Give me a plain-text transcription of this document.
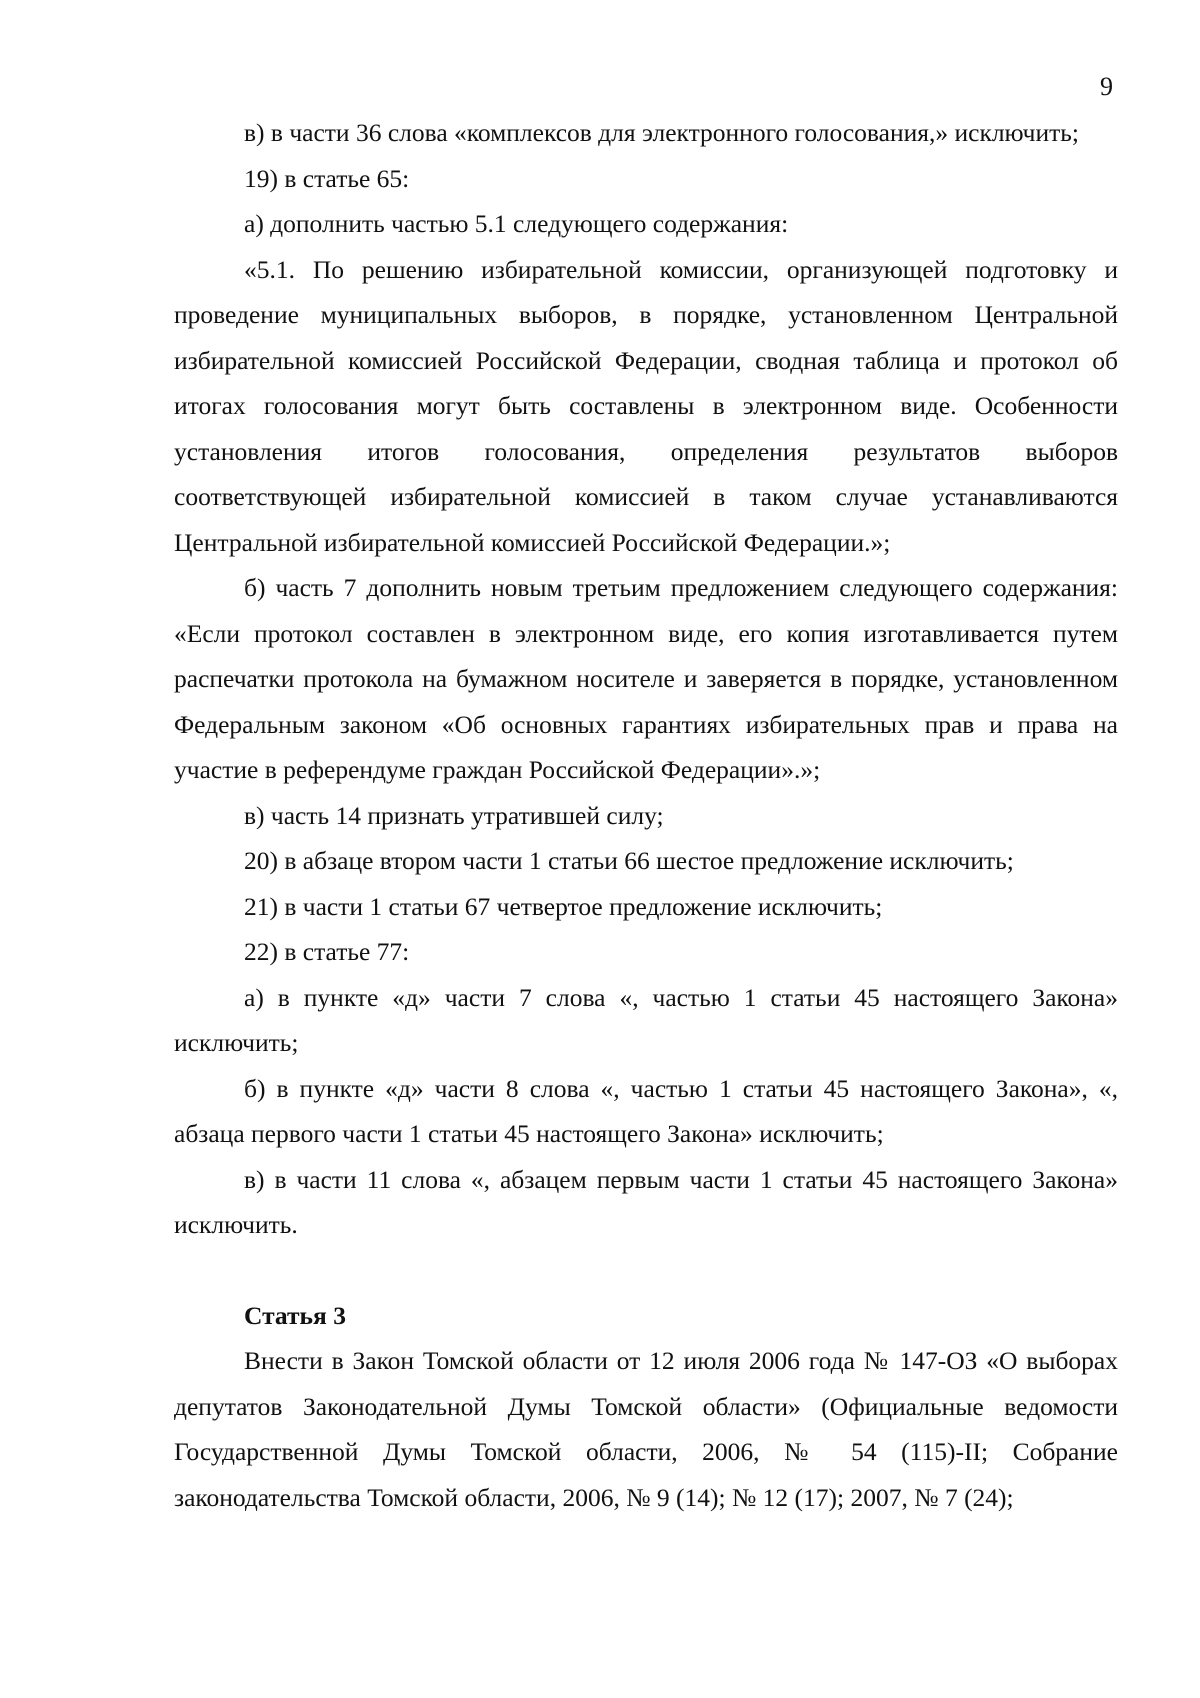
9

в) в части 36 слова «комплексов для электронного голосования,» исключить;

19) в статье 65:

а) дополнить частью 5.1 следующего содержания:

«5.1. По решению избирательной комиссии, организующей подготовку и проведение муниципальных выборов, в порядке, установленном Центральной избирательной комиссией Российской Федерации, сводная таблица и протокол об итогах голосования могут быть составлены в электронном виде. Особенности установления итогов голосования, определения результатов выборов соответствующей избирательной комиссией в таком случае устанавливаются Центральной избирательной комиссией Российской Федерации.»;

б) часть 7 дополнить новым третьим предложением следующего содержания: «Если протокол составлен в электронном виде, его копия изготавливается путем распечатки протокола на бумажном носителе и заверяется в порядке, установленном Федеральным законом «Об основных гарантиях избирательных прав и права на участие в референдуме граждан Российской Федерации».»;

в) часть 14 признать утратившей силу;

20) в абзаце втором части 1 статьи 66 шестое предложение исключить;

21) в части 1 статьи 67 четвертое предложение исключить;

22) в статье 77:

а) в пункте «д» части 7 слова «, частью 1 статьи 45 настоящего Закона» исключить;

б) в пункте «д» части 8 слова «, частью 1 статьи 45 настоящего Закона», «, абзаца первого части 1 статьи 45 настоящего Закона» исключить;

в) в части 11 слова «, абзацем первым части 1 статьи 45 настоящего Закона» исключить.

Статья 3

Внести в Закон Томской области от 12 июля 2006 года № 147-ОЗ «О выборах депутатов Законодательной Думы Томской области» (Официальные ведомости Государственной Думы Томской области, 2006, № 54 (115)-II; Собрание законодательства Томской области, 2006, № 9 (14); № 12 (17); 2007, № 7 (24);
